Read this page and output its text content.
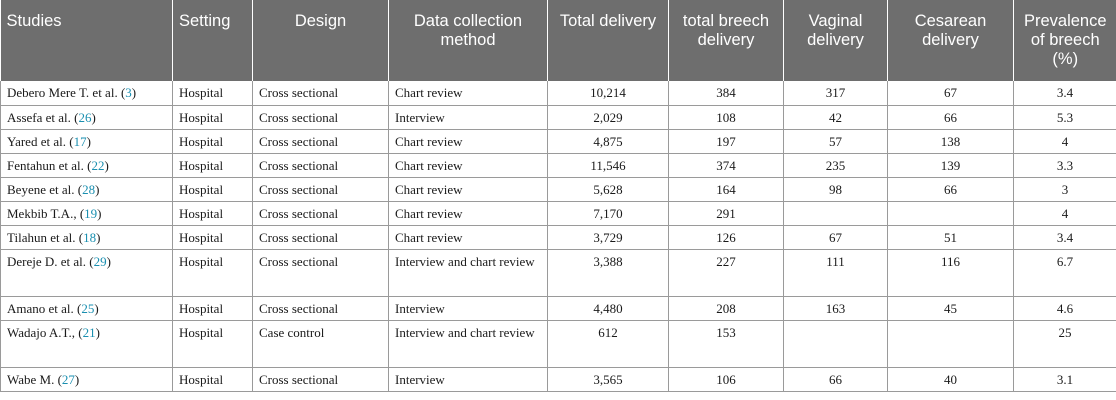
Studies	Setting	Design	Data collection method	Total delivery	total breech delivery	Vaginal delivery	Cesarean delivery	Prevalence of breech (%)
Debero Mere T. et al. (3)	Hospital	Cross sectional	Chart review	10,214	384	317	67	3.4
Assefa et al. (26)	Hospital	Cross sectional	Interview	2,029	108	42	66	5.3
Yared et al. (17)	Hospital	Cross sectional	Chart review	4,875	197	57	138	4
Fentahun et al. (22)	Hospital	Cross sectional	Chart review	11,546	374	235	139	3.3
Beyene et al. (28)	Hospital	Cross sectional	Chart review	5,628	164	98	66	3
Mekbib T.A., (19)	Hospital	Cross sectional	Chart review	7,170	291			4
Tilahun et al. (18)	Hospital	Cross sectional	Chart review	3,729	126	67	51	3.4
Dereje D. et al. (29)	Hospital	Cross sectional	Interview and chart review	3,388	227	111	116	6.7
Amano et al. (25)	Hospital	Cross sectional	Interview	4,480	208	163	45	4.6
Wadajo A.T., (21)	Hospital	Case control	Interview and chart review	612	153			25
Wabe M. (27)	Hospital	Cross sectional	Interview	3,565	106	66	40	3.1
